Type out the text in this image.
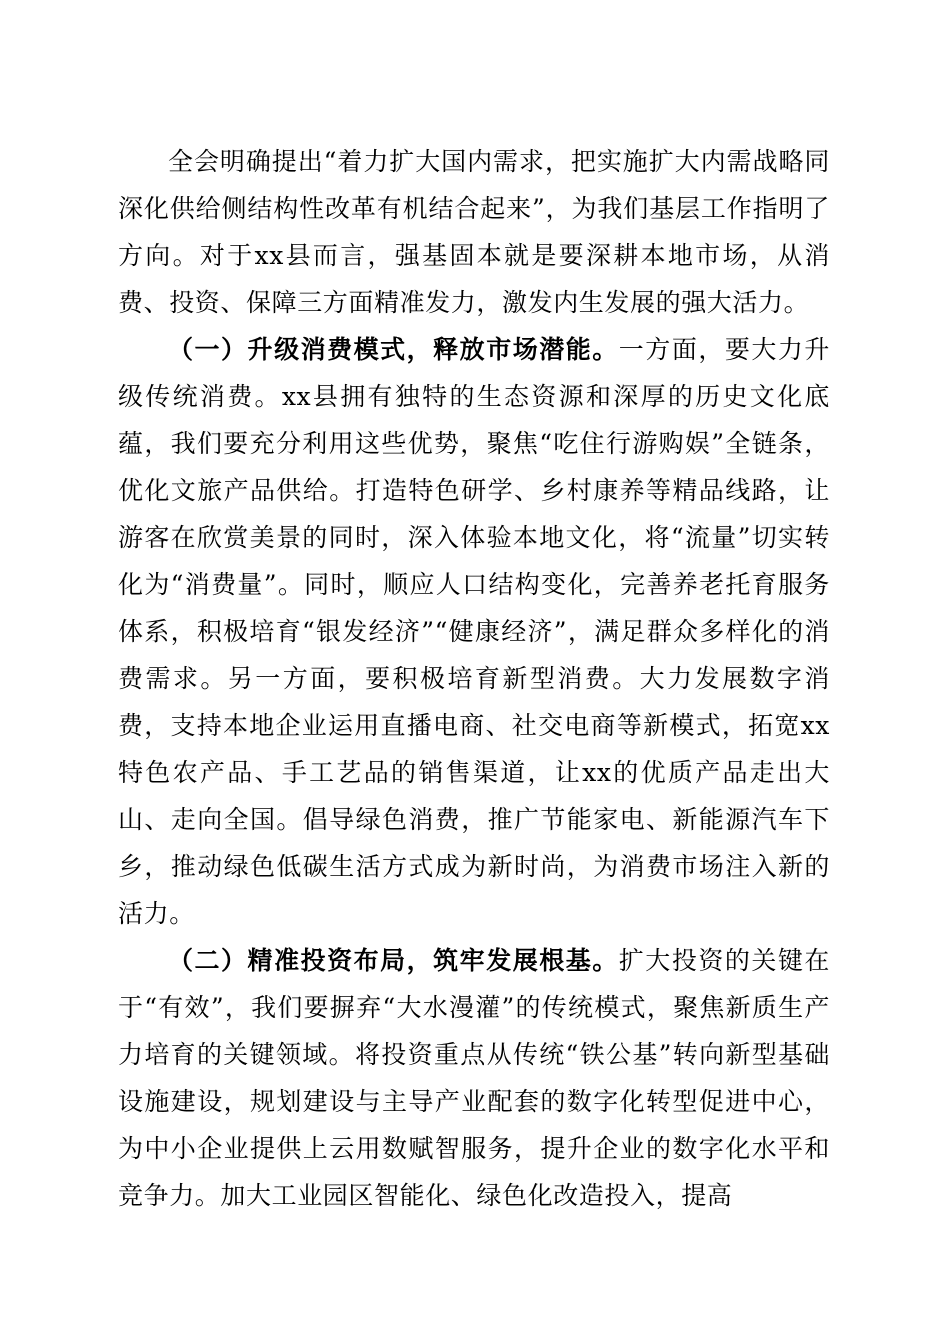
全会明确提出“着力扩大国内需求，把实施扩大内需战略同深化供给侧结构性改革有机结合起来”，为我们基层工作指明了方向。对于xx县而言，强基固本就是要深耕本地市场，从消费、投资、保障三方面精准发力，激发内生发展的强大活力。

（一）升级消费模式，释放市场潜能。一方面，要大力升级传统消费。xx县拥有独特的生态资源和深厚的历史文化底蕴，我们要充分利用这些优势，聚焦“吃住行游购娱”全链条，优化文旅产品供给。打造特色研学、乡村康养等精品线路，让游客在欣赏美景的同时，深入体验本地文化，将“流量”切实转化为“消费量”。同时，顺应人口结构变化，完善养老托育服务体系，积极培育“银发经济”“健康经济”，满足群众多样化的消费需求。另一方面，要积极培育新型消费。大力发展数字消费，支持本地企业运用直播电商、社交电商等新模式，拓宽xx特色农产品、手工艺品的销售渠道，让xx的优质产品走出大山、走向全国。倡导绿色消费，推广节能家电、新能源汽车下乡，推动绿色低碳生活方式成为新时尚，为消费市场注入新的活力。

（二）精准投资布局，筑牢发展根基。扩大投资的关键在于“有效”，我们要摒弃“大水漫灌”的传统模式，聚焦新质生产力培育的关键领域。将投资重点从传统“铁公基”转向新型基础设施建设，规划建设与主导产业配套的数字化转型促进中心，为中小企业提供上云用数赋智服务，提升企业的数字化水平和竞争力。加大工业园区智能化、绿色化改造投入，提高
